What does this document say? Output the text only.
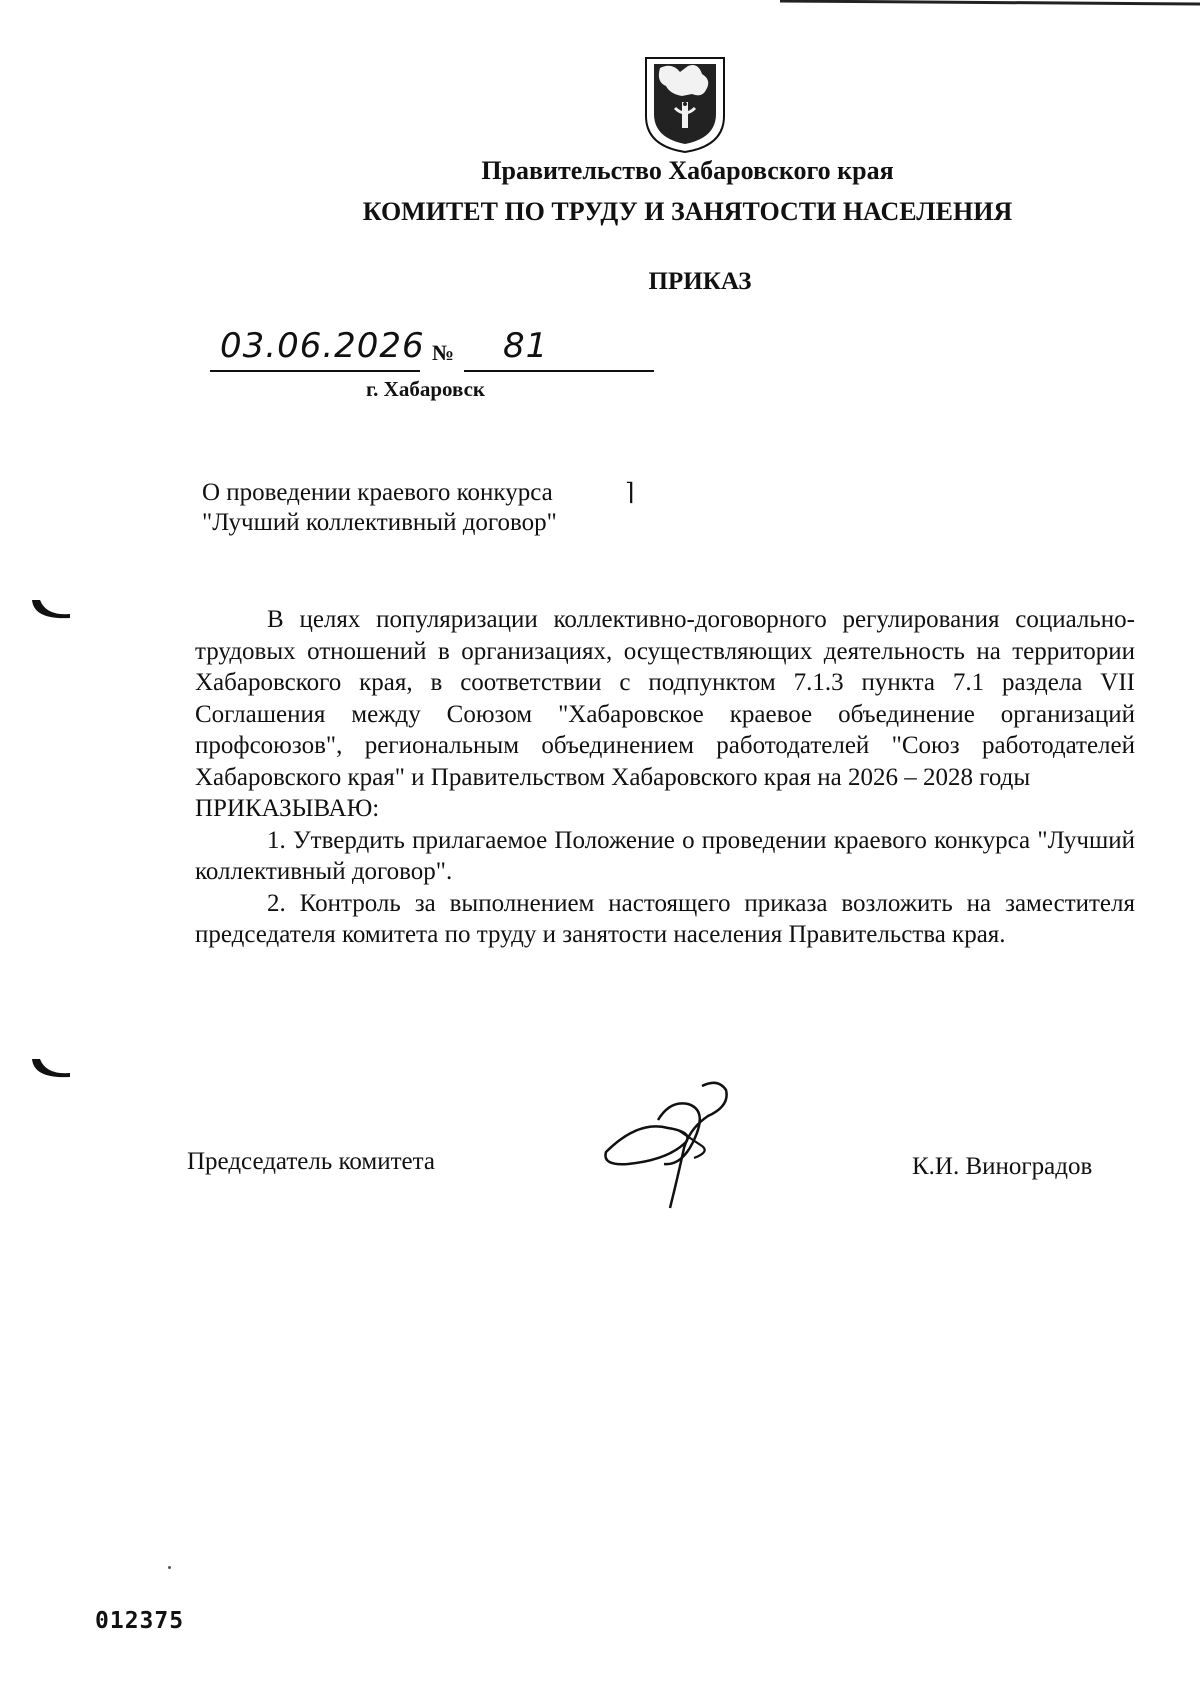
Правительство Хабаровского края
КОМИТЕТ ПО ТРУДУ И ЗАНЯТОСТИ НАСЕЛЕНИЯ
ПРИКАЗ
03.06.2026 № 81
г. Хабаровск
О проведении краевого конкурса
"Лучший коллективный договор"
⌉

В целях популяризации коллективно-договорного регулирования социально-трудовых отношений в организациях, осуществляющих деятельность на территории Хабаровского края, в соответствии с подпунктом 7.1.3 пункта 7.1 раздела VII Соглашения между Союзом "Хабаровское краевое объединение организаций профсоюзов", региональным объединением работодателей "Союз работодателей Хабаровского края" и Правительством Хабаровского края на 2026 – 2028 годы

ПРИКАЗЫВАЮ:

1. Утвердить прилагаемое Положение о проведении краевого конкурса "Лучший коллективный договор".

2. Контроль за выполнением настоящего приказа возложить на заместителя председателя комитета по труду и занятости населения Правительства края.

Председатель комитета	К.И. Виноградов
012375
